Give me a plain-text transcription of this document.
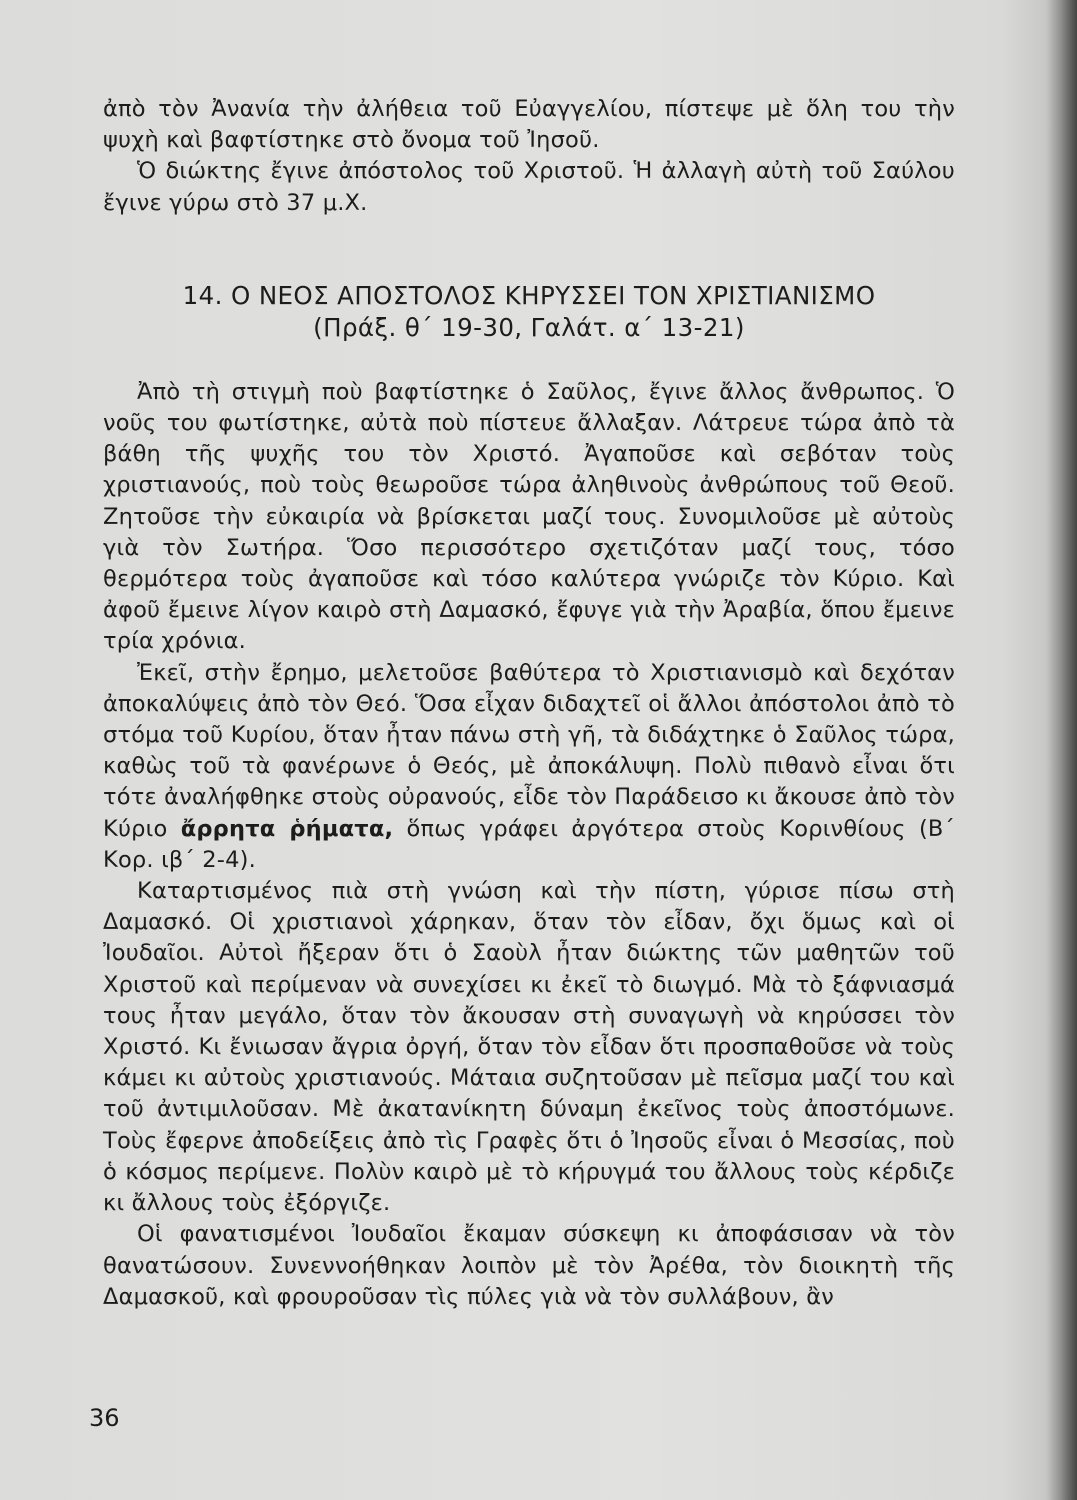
ἀπὸ τὸν Ἀνανία τὴν ἀλήθεια τοῦ Εὐαγγελίου, πίστεψε μὲ ὅλη του τὴν ψυχὴ καὶ βαφτίστηκε στὸ ὄνομα τοῦ Ἰησοῦ.

Ὁ διώκτης ἔγινε ἀπόστολος τοῦ Χριστοῦ. Ἡ ἀλλαγὴ αὐτὴ τοῦ Σαύλου ἔγινε γύρω στὸ 37 μ.Χ.

14. Ο ΝΕΟΣ ΑΠΟΣΤΟΛΟΣ ΚΗΡΥΣΣΕΙ ΤΟΝ ΧΡΙΣΤΙΑΝΙΣΜΟ
(Πράξ. θ΄ 19-30, Γαλάτ. α΄ 13-21)

Ἀπὸ τὴ στιγμὴ ποὺ βαφτίστηκε ὁ Σαῦλος, ἔγινε ἄλλος ἄνθρωπος. Ὁ νοῦς του φωτίστηκε, αὐτὰ ποὺ πίστευε ἄλλαξαν. Λάτρευε τώρα ἀπὸ τὰ βάθη τῆς ψυχῆς του τὸν Χριστό. Ἀγαποῦσε καὶ σεβόταν τοὺς χριστιανούς, ποὺ τοὺς θεωροῦσε τώρα ἀληθινοὺς ἀνθρώπους τοῦ Θεοῦ. Ζητοῦσε τὴν εὐκαιρία νὰ βρίσκεται μαζί τους. Συνομιλοῦσε μὲ αὐτοὺς γιὰ τὸν Σωτήρα. Ὅσο περισσότερο σχετιζόταν μαζί τους, τόσο θερμότερα τοὺς ἀγαποῦσε καὶ τόσο καλύτερα γνώριζε τὸν Κύριο. Καὶ ἀφοῦ ἔμεινε λίγον καιρὸ στὴ Δαμασκό, ἔφυγε γιὰ τὴν Ἀραβία, ὅπου ἔμεινε τρία χρόνια.

Ἐκεῖ, στὴν ἔρημο, μελετοῦσε βαθύτερα τὸ Χριστιανισμὸ καὶ δεχόταν ἀποκαλύψεις ἀπὸ τὸν Θεό. Ὅσα εἶχαν διδαχτεῖ οἱ ἄλλοι ἀπόστολοι ἀπὸ τὸ στόμα τοῦ Κυρίου, ὅταν ἦταν πάνω στὴ γῆ, τὰ διδάχτηκε ὁ Σαῦλος τώρα, καθὼς τοῦ τὰ φανέρωνε ὁ Θεός, μὲ ἀποκάλυψη. Πολὺ πιθανὸ εἶναι ὅτι τότε ἀναλήφθηκε στοὺς οὐρανούς, εἶδε τὸν Παράδεισο κι ἄκουσε ἀπὸ τὸν Κύριο ἄρρητα ῥήματα, ὅπως γράφει ἀργότερα στοὺς Κορινθίους (Β΄ Κορ. ιβ΄ 2-4).

Καταρτισμένος πιὰ στὴ γνώση καὶ τὴν πίστη, γύρισε πίσω στὴ Δαμασκό. Οἱ χριστιανοὶ χάρηκαν, ὅταν τὸν εἶδαν, ὄχι ὅμως καὶ οἱ Ἰουδαῖοι. Αὐτοὶ ἤξεραν ὅτι ὁ Σαοὺλ ἦταν διώκτης τῶν μαθητῶν τοῦ Χριστοῦ καὶ περίμεναν νὰ συνεχίσει κι ἐκεῖ τὸ διωγμό. Μὰ τὸ ξάφνιασμά τους ἦταν μεγάλο, ὅταν τὸν ἄκουσαν στὴ συναγωγὴ νὰ κηρύσσει τὸν Χριστό. Κι ἔνιωσαν ἄγρια ὀργή, ὅταν τὸν εἶδαν ὅτι προσπαθοῦσε νὰ τοὺς κάμει κι αὐτοὺς χριστιανούς. Μάταια συζητοῦσαν μὲ πεῖσμα μαζί του καὶ τοῦ ἀντιμιλοῦσαν. Μὲ ἀκατανίκητη δύναμη ἐκεῖνος τοὺς ἀποστόμωνε. Τοὺς ἔφερνε ἀποδείξεις ἀπὸ τὶς Γραφὲς ὅτι ὁ Ἰησοῦς εἶναι ὁ Μεσσίας, ποὺ ὁ κόσμος περίμενε. Πολὺν καιρὸ μὲ τὸ κήρυγμά του ἄλλους τοὺς κέρδιζε κι ἄλλους τοὺς ἐξόργιζε.

Οἱ φανατισμένοι Ἰουδαῖοι ἔκαμαν σύσκεψη κι ἀποφάσισαν νὰ τὸν θανατώσουν. Συνεννοήθηκαν λοιπὸν μὲ τὸν Ἀρέθα, τὸν διοικητὴ τῆς Δαμασκοῦ, καὶ φρουροῦσαν τὶς πύλες γιὰ νὰ τὸν συλλάβουν, ἂν

36
